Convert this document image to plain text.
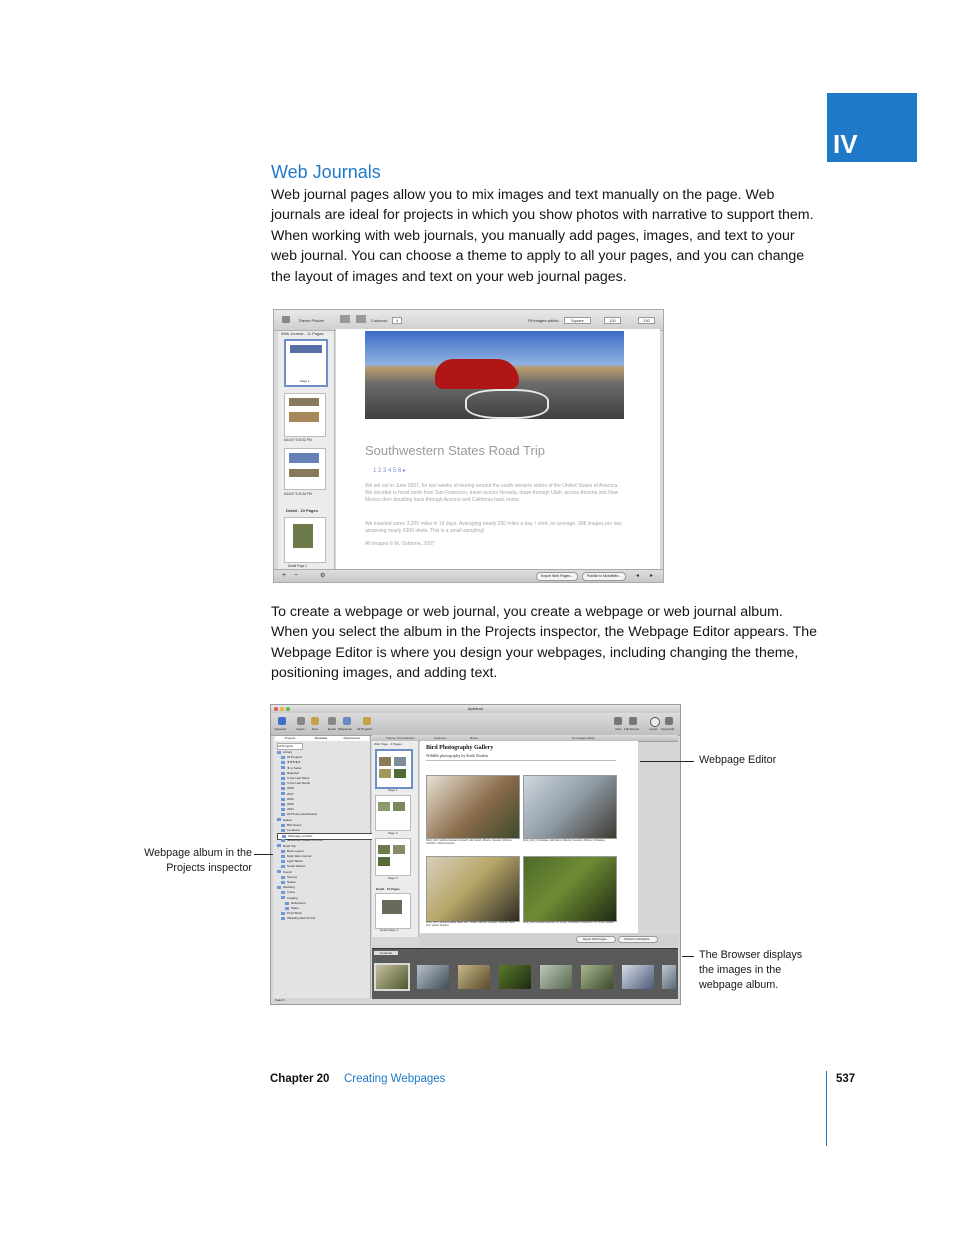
IV
Web Journals
Web journal pages allow you to mix images and text manually on the page. Web journals are ideal for projects in which you show photos with narrative to support them. When working with web journals, you manually add pages, images, and text to your web journal. You can choose a theme to apply to all your pages, and you can change the layout of images and text on your web journal pages.
Theme Picture	Columns:	4	Fit images within:	Square	130	130
Web Journal - 11 Pages
Page 1
6/14/07 9:33:32 PM
6/14/07 9:31:34 PM
Detail - 19 Pages
Detail Page 1
Southwestern States Road Trip
1 2 3 4 5 6 ▸
We set out in June 2007, for two weeks of touring around the south western states of the United States of America. We decided to head north from San Francisco, travel across Nevada, down through Utah, across Arizona into New Mexico then doubling back through Arizona and California back home.
We traveled some 3,200 miles in 19 days. Averaging nearly 250 miles a day. I shot, on average, 308 images per day amassing nearly 4300 shots. This is a small sampling!
All images © M. Osborne, 2007
+ −	⚙	Export Web Pages...	Publish to MobileMe...	◂ ▸
To create a webpage or web journal, you create a webpage or web journal album. When you select the album in the Projects inspector, the Webpage Editor appears. The Webpage Editor is where you design your webpages, including changing the theme, positioning images, and adding text.
Aperture
Inspector	Import New	Email Slideshow All Projects	View Full Screen	Loupe Keywords
Projects	Metadata	Adjustments
All Projects
Library
All Projects
★★★★★
★ or better
Rejected
In the Last Week
In the Last Month
2008
2007
2006
2005
2004
All Photos (duplicated)
Nature
Bird Scans
Locations
Webpage portfolio
Slideshow (needs thru cat.)
Road Trip
Book Layout
Daily Web Journal
Light Tables
Smart Albums
Scenic
Scenes
Nature
Wedding
In line
Imaging
Reflections
Water
Proof Book
Wedding Web Proofs
Search
Theme: Art Collection	Columns:	Rows:	Fit images within:
Web Page - 3 Pages
Page 1
Page 2
Page 3
Detail - 24 Pages
Detail Page 1
Bird Photography Gallery
Wildlife photography by Keith Rankin
birds_012 | yellow-breasted nuthatch, Elk Island, Alberta, Canada | Alberta, nuthatch, white-breasted
birds_044 | Chickadee, Elk Island, Alberta, Canada | Alberta, chickadee
birds_023 | yellow-headed black bird, Tofield, Alberta, Canada | Alberta, black bird, yellow-headed
birds_036 | Ashkeld warbler, St. Louis, Caribbean | Ashkeld's, St. Louis, warbler
Export Web Pages...	Publish to MobileMe...
Contents
Webpage Editor
Webpage album in the
Projects inspector
The Browser displays
the images in the
webpage album.
Chapter 20 Creating Webpages	537
